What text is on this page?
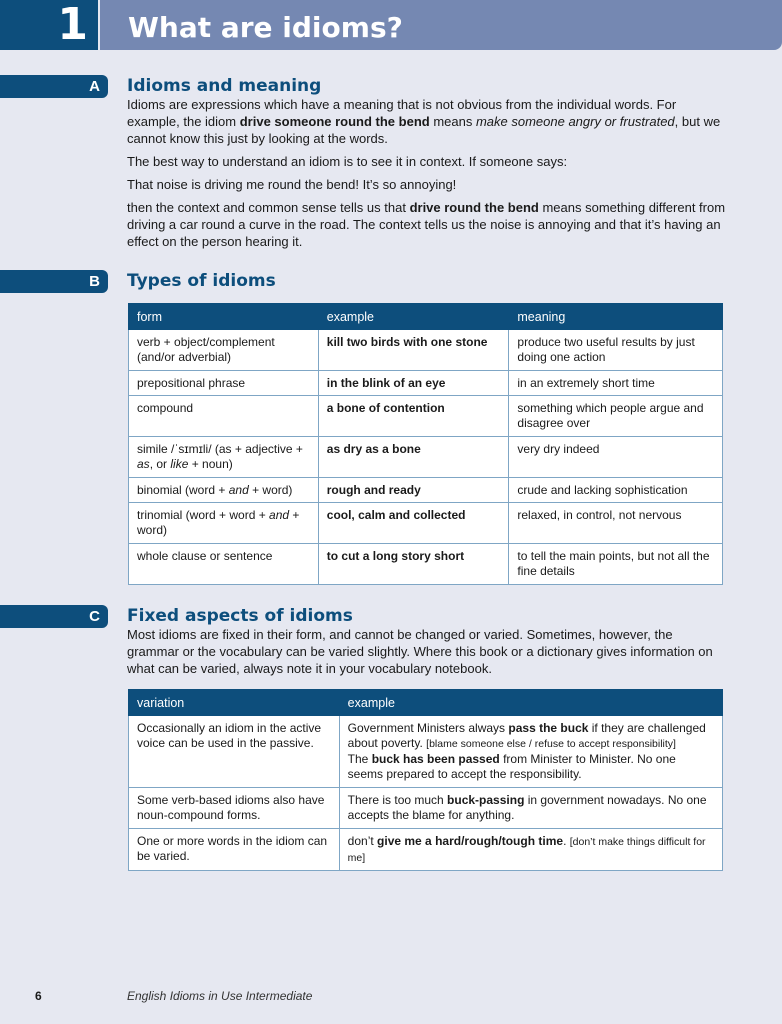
1	What are idioms?
A	Idioms and meaning

Idioms are expressions which have a meaning that is not obvious from the individual words. For example, the idiom drive someone round the bend means make someone angry or frustrated, but we cannot know this just by looking at the words.

The best way to understand an idiom is to see it in context. If someone says:

That noise is driving me round the bend! It’s so annoying!

then the context and common sense tells us that drive round the bend means something different from driving a car round a curve in the road. The context tells us the noise is annoying and that it’s having an effect on the person hearing it.

B	Types of idioms
form	example	meaning
verb + object/complement (and/or adverbial)	kill two birds with one stone	produce two useful results by just doing one action
prepositional phrase	in the blink of an eye	in an extremely short time
compound	a bone of contention	something which people argue and disagree over
simile /ˈsɪmɪli/ (as + adjective + as, or like + noun)	as dry as a bone	very dry indeed
binomial (word + and + word)	rough and ready	crude and lacking sophistication
trinomial (word + word + and + word)	cool, calm and collected	relaxed, in control, not nervous
whole clause or sentence	to cut a long story short	to tell the main points, but not all the fine details
C	Fixed aspects of idioms

Most idioms are fixed in their form, and cannot be changed or varied. Sometimes, however, the grammar or the vocabulary can be varied slightly. Where this book or a dictionary gives information on what can be varied, always note it in your vocabulary notebook.

variation	example
Occasionally an idiom in the active voice can be used in the passive.	Government Ministers always pass the buck if they are challenged about poverty. [blame someone else / refuse to accept responsibility]
The buck has been passed from Minister to Minister. No one seems prepared to accept the responsibility.
Some verb-based idioms also have noun-compound forms.	There is too much buck-passing in government nowadays. No one accepts the blame for anything.
One or more words in the idiom can be varied.	don’t give me a hard/rough/tough time. [don’t make things difficult for me]
6	English Idioms in Use Intermediate
